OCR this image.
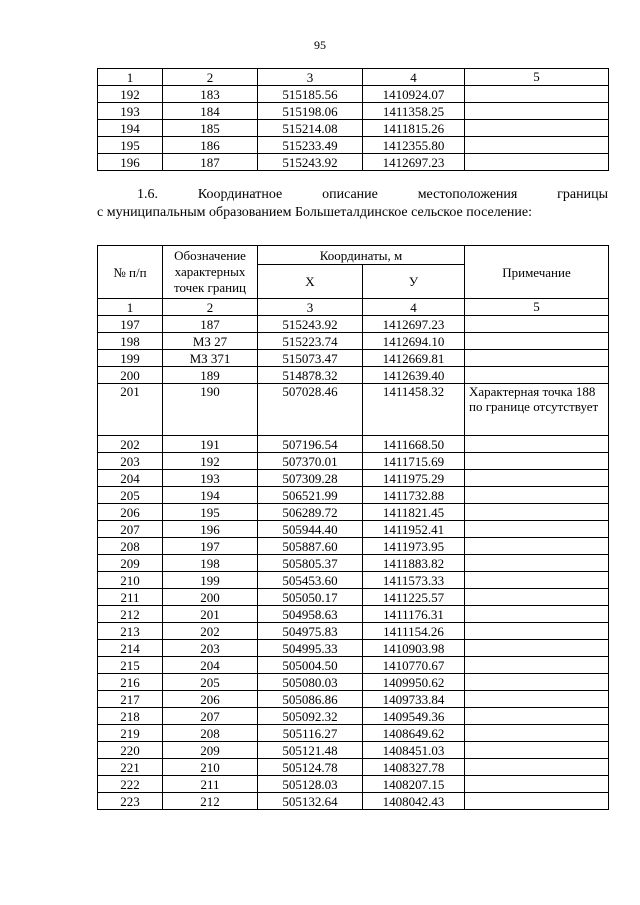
95
1	2	3	4	5
192	183	515185.56	1410924.07	
193	184	515198.06	1411358.25	
194	185	515214.08	1411815.26	
195	186	515233.49	1412355.80	
196	187	515243.92	1412697.23	
1.6.	Координатное	описание	местоположения	границы
с муниципальным образованием Большеталдинское сельское поселение:
№ п/п	Обозначение характерных точек границ	Координаты, м		Примечание
		X	У	
1	2	3	4	5
197	187	515243.92	1412697.23	
198	МЗ 27	515223.74	1412694.10	
199	МЗ 371	515073.47	1412669.81	
200	189	514878.32	1412639.40	
201	190	507028.46	1411458.32	Характерная точка 188 по границе отсутствует
202	191	507196.54	1411668.50	
203	192	507370.01	1411715.69	
204	193	507309.28	1411975.29	
205	194	506521.99	1411732.88	
206	195	506289.72	1411821.45	
207	196	505944.40	1411952.41	
208	197	505887.60	1411973.95	
209	198	505805.37	1411883.82	
210	199	505453.60	1411573.33	
211	200	505050.17	1411225.57	
212	201	504958.63	1411176.31	
213	202	504975.83	1411154.26	
214	203	504995.33	1410903.98	
215	204	505004.50	1410770.67	
216	205	505080.03	1409950.62	
217	206	505086.86	1409733.84	
218	207	505092.32	1409549.36	
219	208	505116.27	1408649.62	
220	209	505121.48	1408451.03	
221	210	505124.78	1408327.78	
222	211	505128.03	1408207.15	
223	212	505132.64	1408042.43	
